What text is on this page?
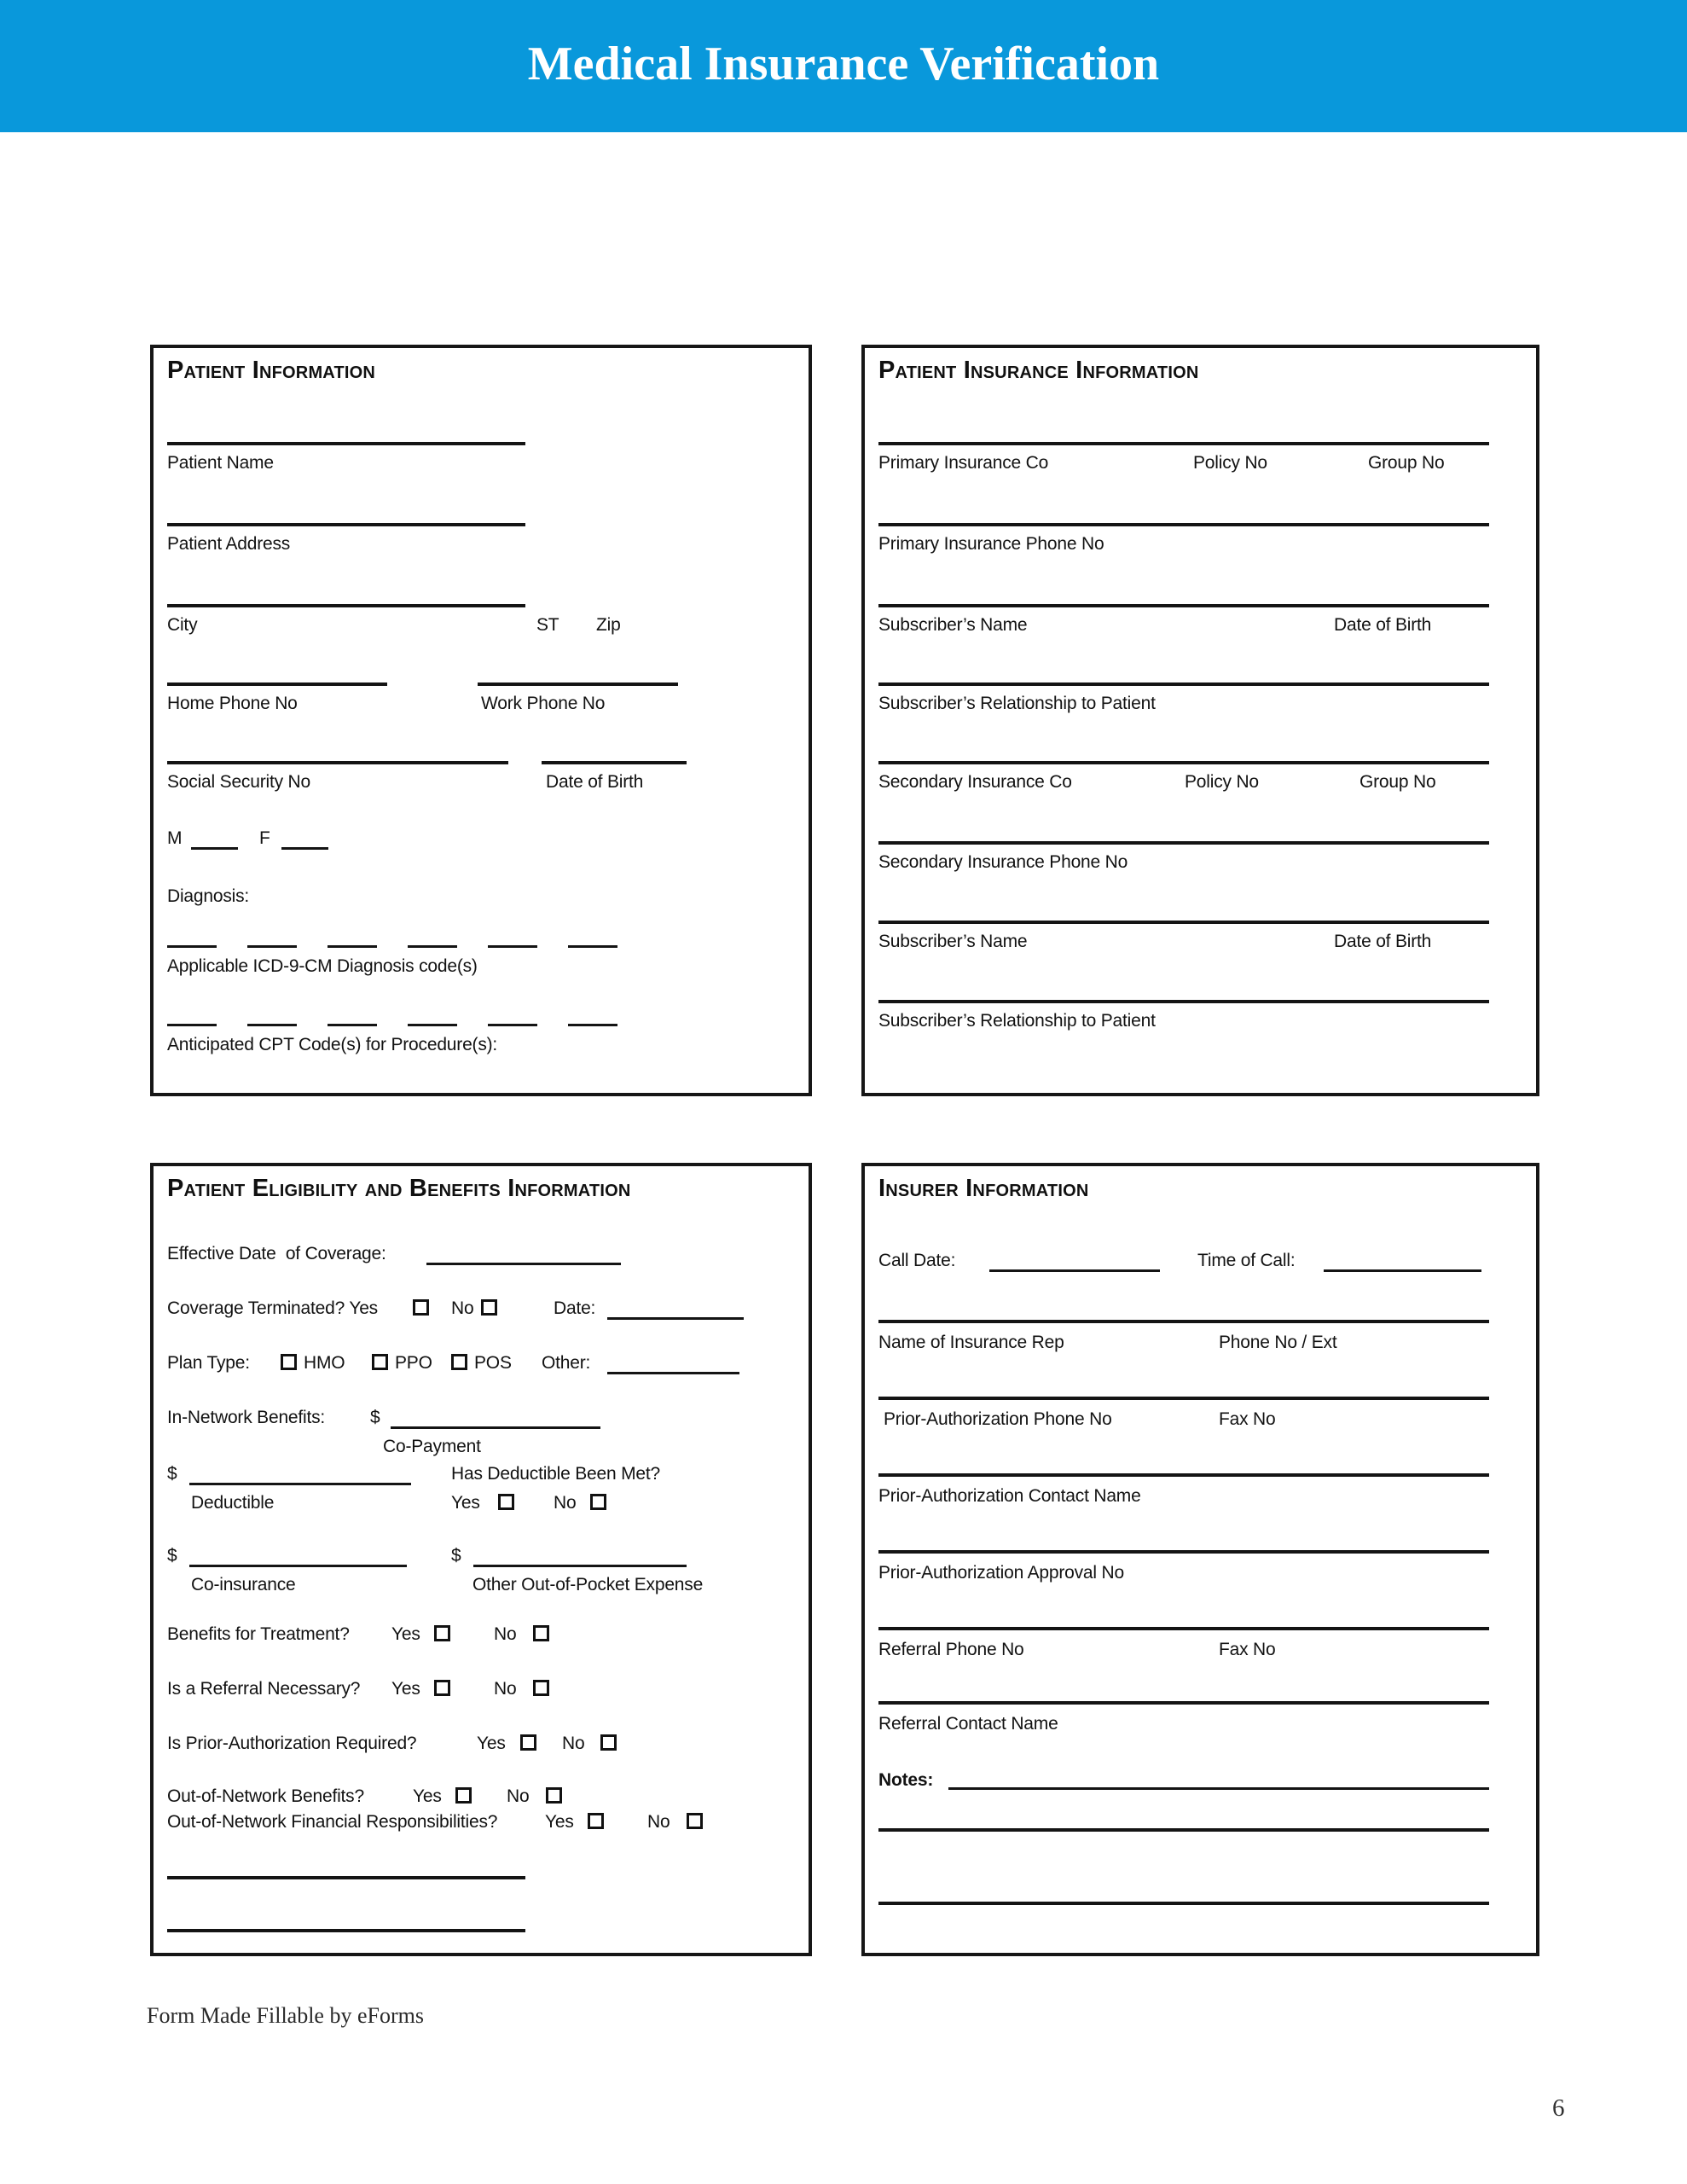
Medical Insurance Verification
Patient Information
Patient Name
Patient Address
City	ST Zip
Home Phone No	Work Phone No
Social Security No	Date of Birth
M	F
Diagnosis:
Applicable ICD-9-CM Diagnosis code(s)
Anticipated CPT Code(s) for Procedure(s):
Patient Insurance Information
Primary Insurance Co	Policy No	Group No
Primary Insurance Phone No
Subscriber’s Name	Date of Birth
Subscriber’s Relationship to Patient
Secondary Insurance Co	Policy No	Group No
Secondary Insurance Phone No
Subscriber’s Name	Date of Birth
Subscriber’s Relationship to Patient
Patient Eligibility and Benefits Information
Effective Date  of Coverage:
Coverage Terminated? Yes	No	Date:
Plan Type:	HMO	PPO POS Other:
In-Network Benefits:	$
Co-Payment
$	Has Deductible Been Met?
Deductible	Yes	No
$	$
Co-insurance	Other Out-of-Pocket Expense
Benefits for Treatment? Yes	No
Is a Referral Necessary? Yes	No
Is Prior-Authorization Required?	Yes	No
Out-of-Network Benefits?	Yes	No
Out-of-Network Financial Responsibilities?	Yes	No
Insurer Information
Call Date:	Time of Call:
Name of Insurance Rep	Phone No / Ext
Prior-Authorization Phone No	Fax No
Prior-Authorization Contact Name
Prior-Authorization Approval No
Referral Phone No	Fax No
Referral Contact Name
Notes:
Form Made Fillable by eForms
6
